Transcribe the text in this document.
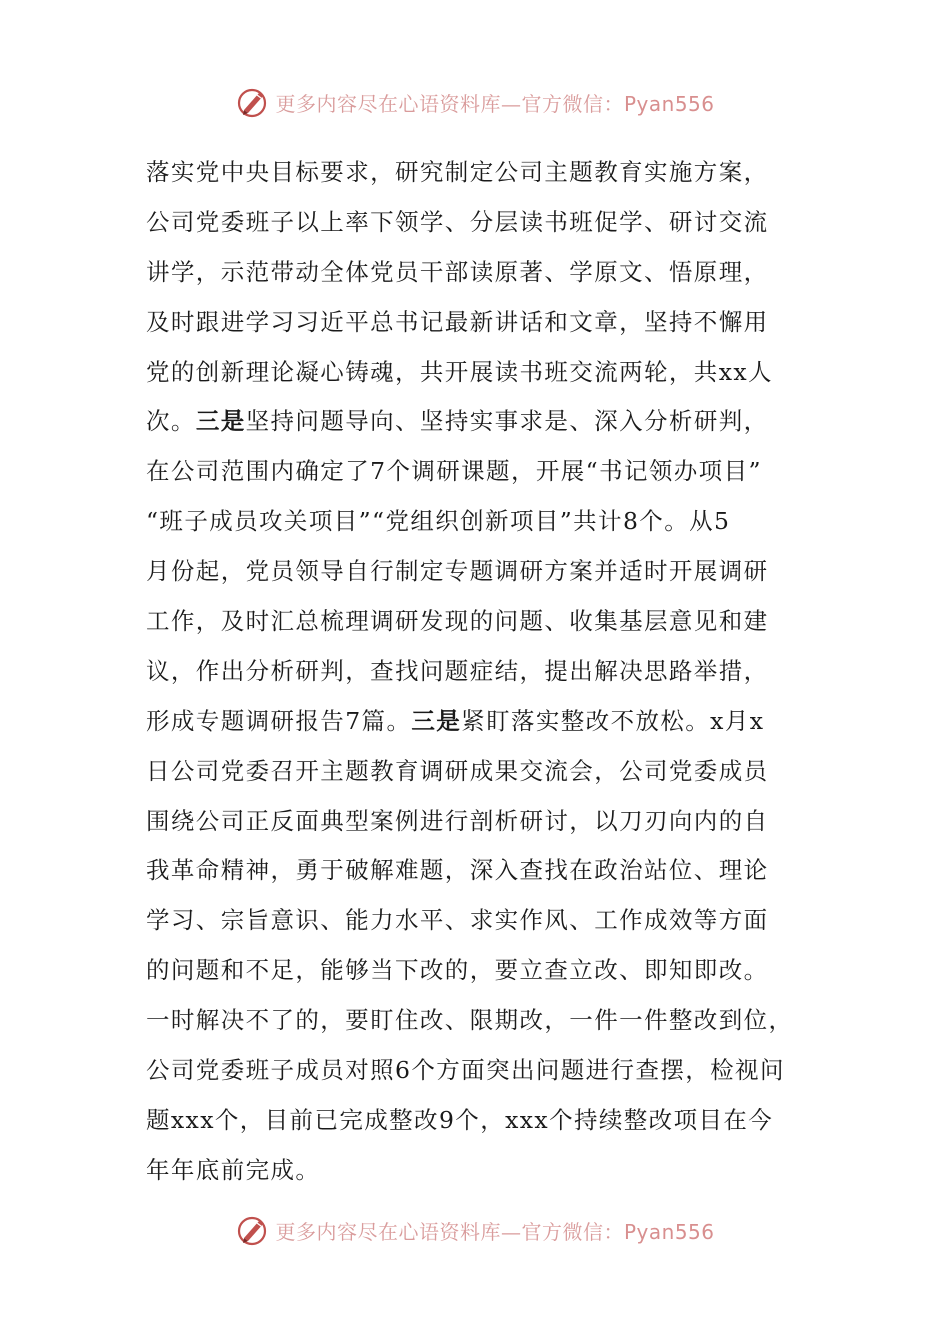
更多内容尽在心语资料库—官方微信：Pyan556
落实党中央目标要求，研究制定公司主题教育实施方案，
公司党委班子以上率下领学、分层读书班促学、研讨交流
讲学，示范带动全体党员干部读原著、学原文、悟原理，
及时跟进学习习近平总书记最新讲话和文章，坚持不懈用
党的创新理论凝心铸魂，共开展读书班交流两轮，共xx人
次。三是坚持问题导向、坚持实事求是、深入分析研判，
在公司范围内确定了7个调研课题，开展“书记领办项目”
“班子成员攻关项目”“党组织创新项目”共计8个。从5
月份起，党员领导自行制定专题调研方案并适时开展调研
工作，及时汇总梳理调研发现的问题、收集基层意见和建
议，作出分析研判，查找问题症结，提出解决思路举措，
形成专题调研报告7篇。三是紧盯落实整改不放松。x月x
日公司党委召开主题教育调研成果交流会，公司党委成员
围绕公司正反面典型案例进行剖析研讨，以刀刃向内的自
我革命精神，勇于破解难题，深入查找在政治站位、理论
学习、宗旨意识、能力水平、求实作风、工作成效等方面
的问题和不足，能够当下改的，要立查立改、即知即改。
一时解决不了的，要盯住改、限期改，一件一件整改到位，
公司党委班子成员对照6个方面突出问题进行查摆，检视问
题xxx个，目前已完成整改9个，xxx个持续整改项目在今
年年底前完成。
更多内容尽在心语资料库—官方微信：Pyan556
